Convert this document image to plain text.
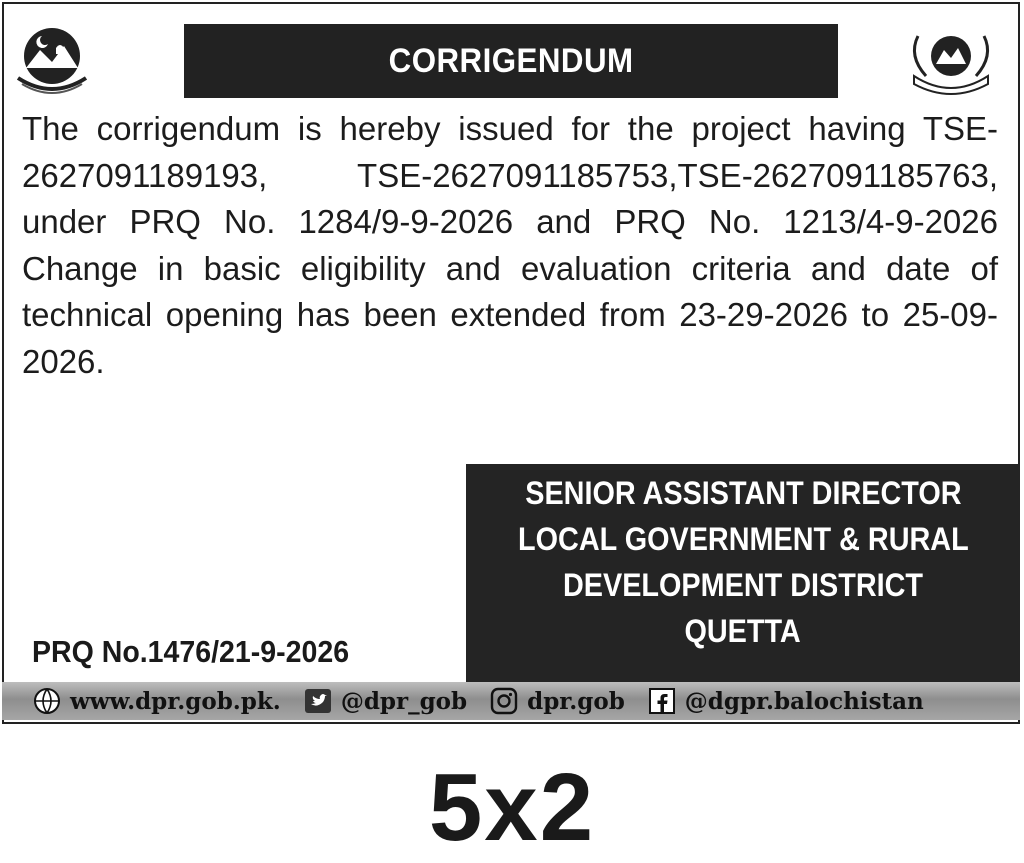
CORRIGENDUM
The corrigendum is hereby issued for the project having TSE-2627091189193, TSE-2627091185753,TSE-2627091185763, under PRQ No. 1284/9-9-2026 and PRQ No. 1213/4-9-2026 Change in basic eligibility and evaluation criteria and date of technical opening has been extended from 23-29-2026 to 25-09-2026.
SENIOR ASSISTANT DIRECTOR
LOCAL GOVERNMENT & RURAL
DEVELOPMENT DISTRICT
QUETTA
PRQ No.1476/21-9-2026
www.dpr.gob.pk.	@dpr_gob	dpr.gob	@dgpr.balochistan
5x2
